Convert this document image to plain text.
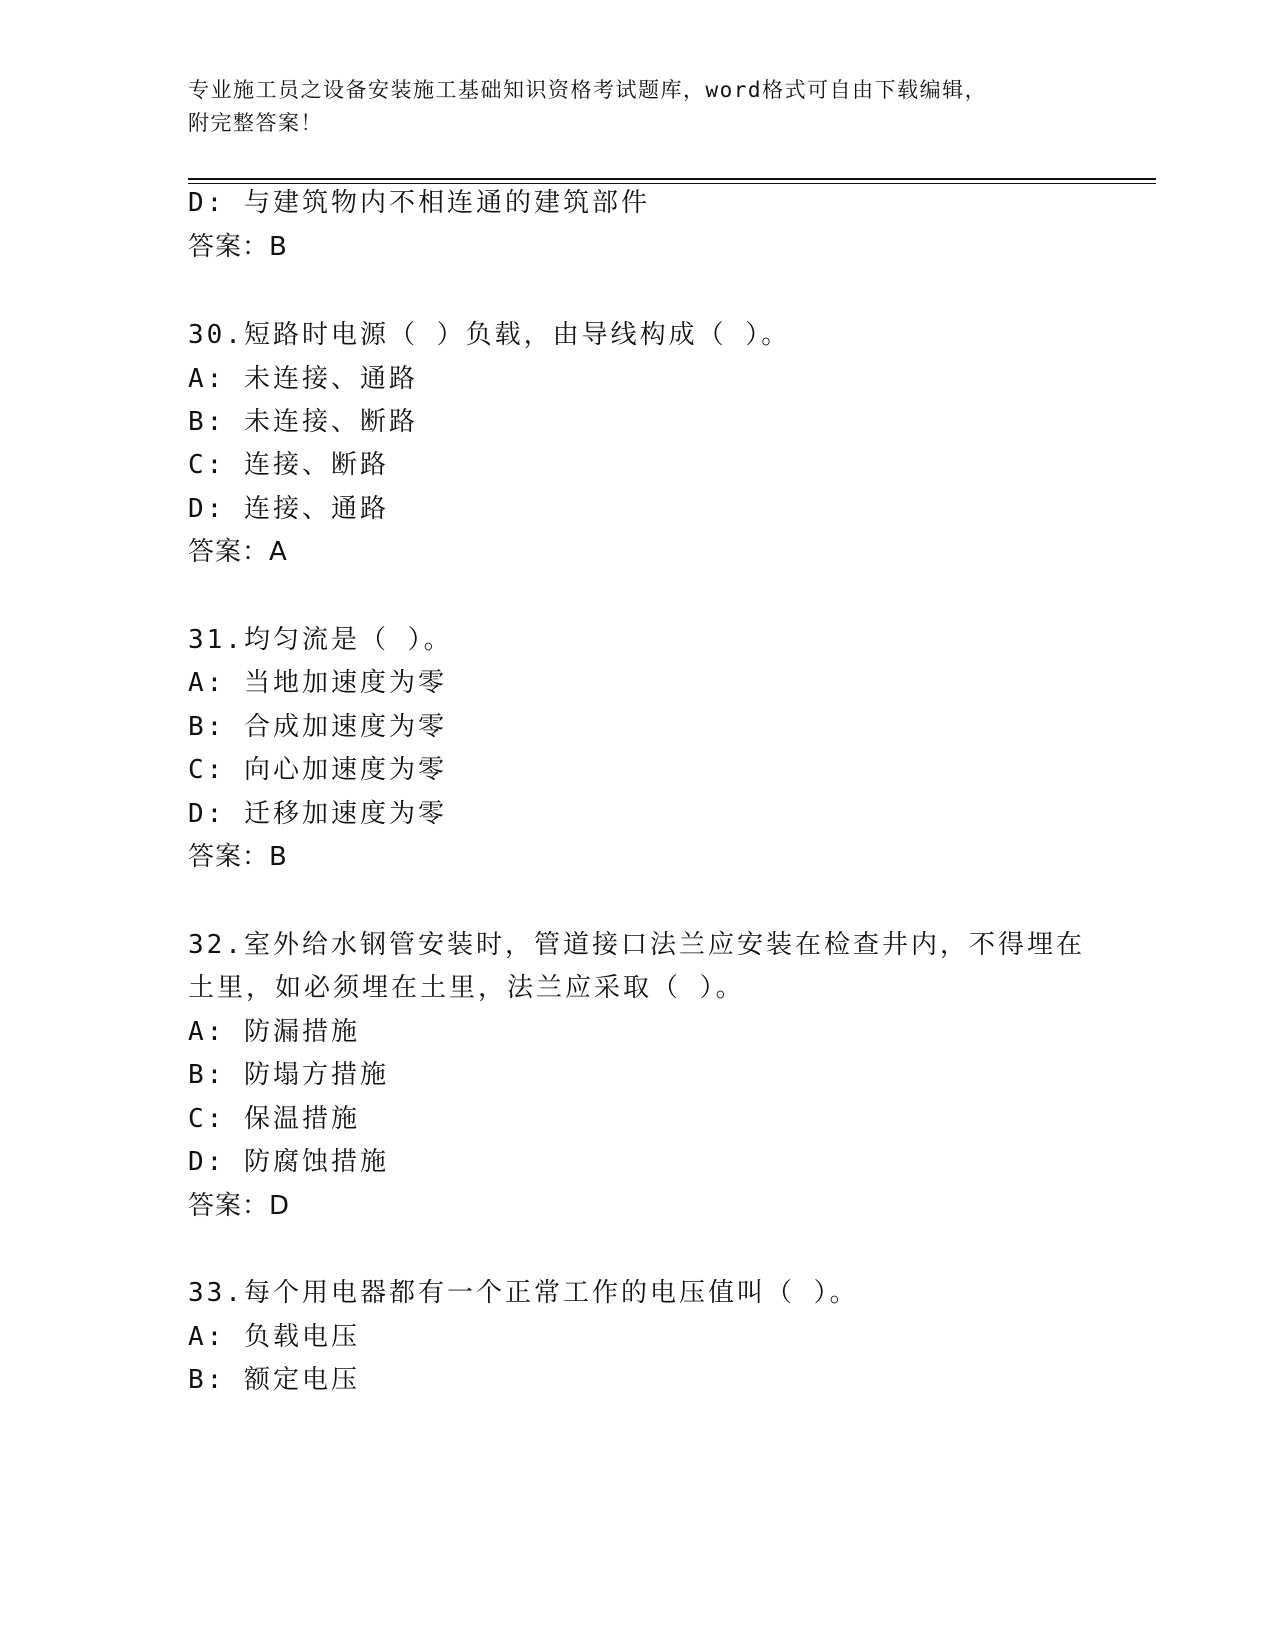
专业施工员之设备安装施工基础知识资格考试题库，word格式可自由下载编辑，
附完整答案！
D: 与建筑物内不相连通的建筑部件
答案：B
30.短路时电源（ ）负载，由导线构成（ ）。
A: 未连接、通路
B: 未连接、断路
C: 连接、断路
D: 连接、通路
答案：A
31.均匀流是（ ）。
A: 当地加速度为零
B: 合成加速度为零
C: 向心加速度为零
D: 迁移加速度为零
答案：B
32.室外给水钢管安装时，管道接口法兰应安装在检查井内，不得埋在
土里，如必须埋在土里，法兰应采取（ ）。
A: 防漏措施
B: 防塌方措施
C: 保温措施
D: 防腐蚀措施
答案：D
33.每个用电器都有一个正常工作的电压值叫（ ）。
A: 负载电压
B: 额定电压
